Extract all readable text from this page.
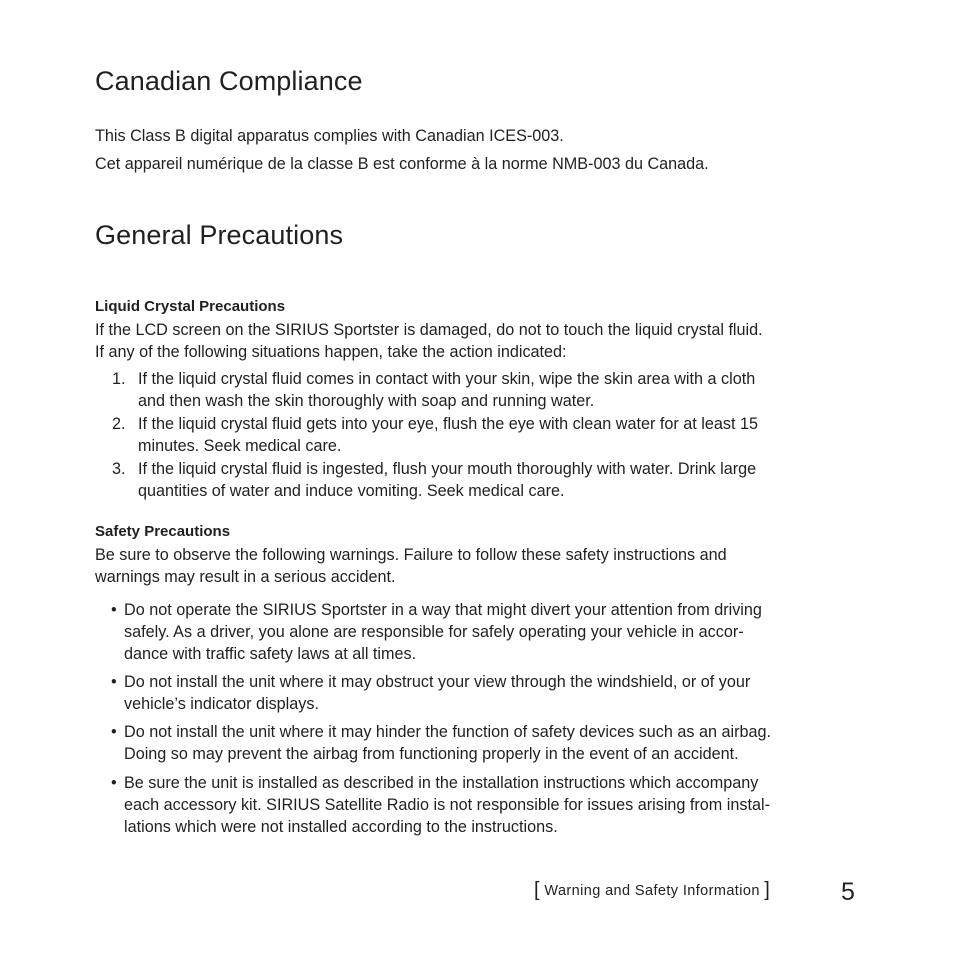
Canadian Compliance
This Class B digital apparatus complies with Canadian ICES-003.
Cet appareil numérique de la classe B est conforme à la norme NMB-003 du Canada.
General Precautions
Liquid Crystal Precautions
If the LCD screen on the SIRIUS Sportster is damaged, do not to touch the liquid crystal fluid.
If any of the following situations happen, take the action indicated:
1. If the liquid crystal fluid comes in contact with your skin, wipe the skin area with a cloth
and then wash the skin thoroughly with soap and running water.
2. If the liquid crystal fluid gets into your eye, flush the eye with clean water for at least 15
minutes. Seek medical care.
3. If the liquid crystal fluid is ingested, flush your mouth thoroughly with water. Drink large
quantities of water and induce vomiting. Seek medical care.
Safety Precautions
Be sure to observe the following warnings. Failure to follow these safety instructions and
warnings may result in a serious accident.
• Do not operate the SIRIUS Sportster in a way that might divert your attention from driving
safely. As a driver, you alone are responsible for safely operating your vehicle in accor-
dance with traffic safety laws at all times.
• Do not install the unit where it may obstruct your view through the windshield, or of your
vehicle’s indicator displays.
• Do not install the unit where it may hinder the function of safety devices such as an airbag.
Doing so may prevent the airbag from functioning properly in the event of an accident.
• Be sure the unit is installed as described in the installation instructions which accompany
each accessory kit. SIRIUS Satellite Radio is not responsible for issues arising from instal-
lations which were not installed according to the instructions.
[ Warning and Safety Information ]	5
